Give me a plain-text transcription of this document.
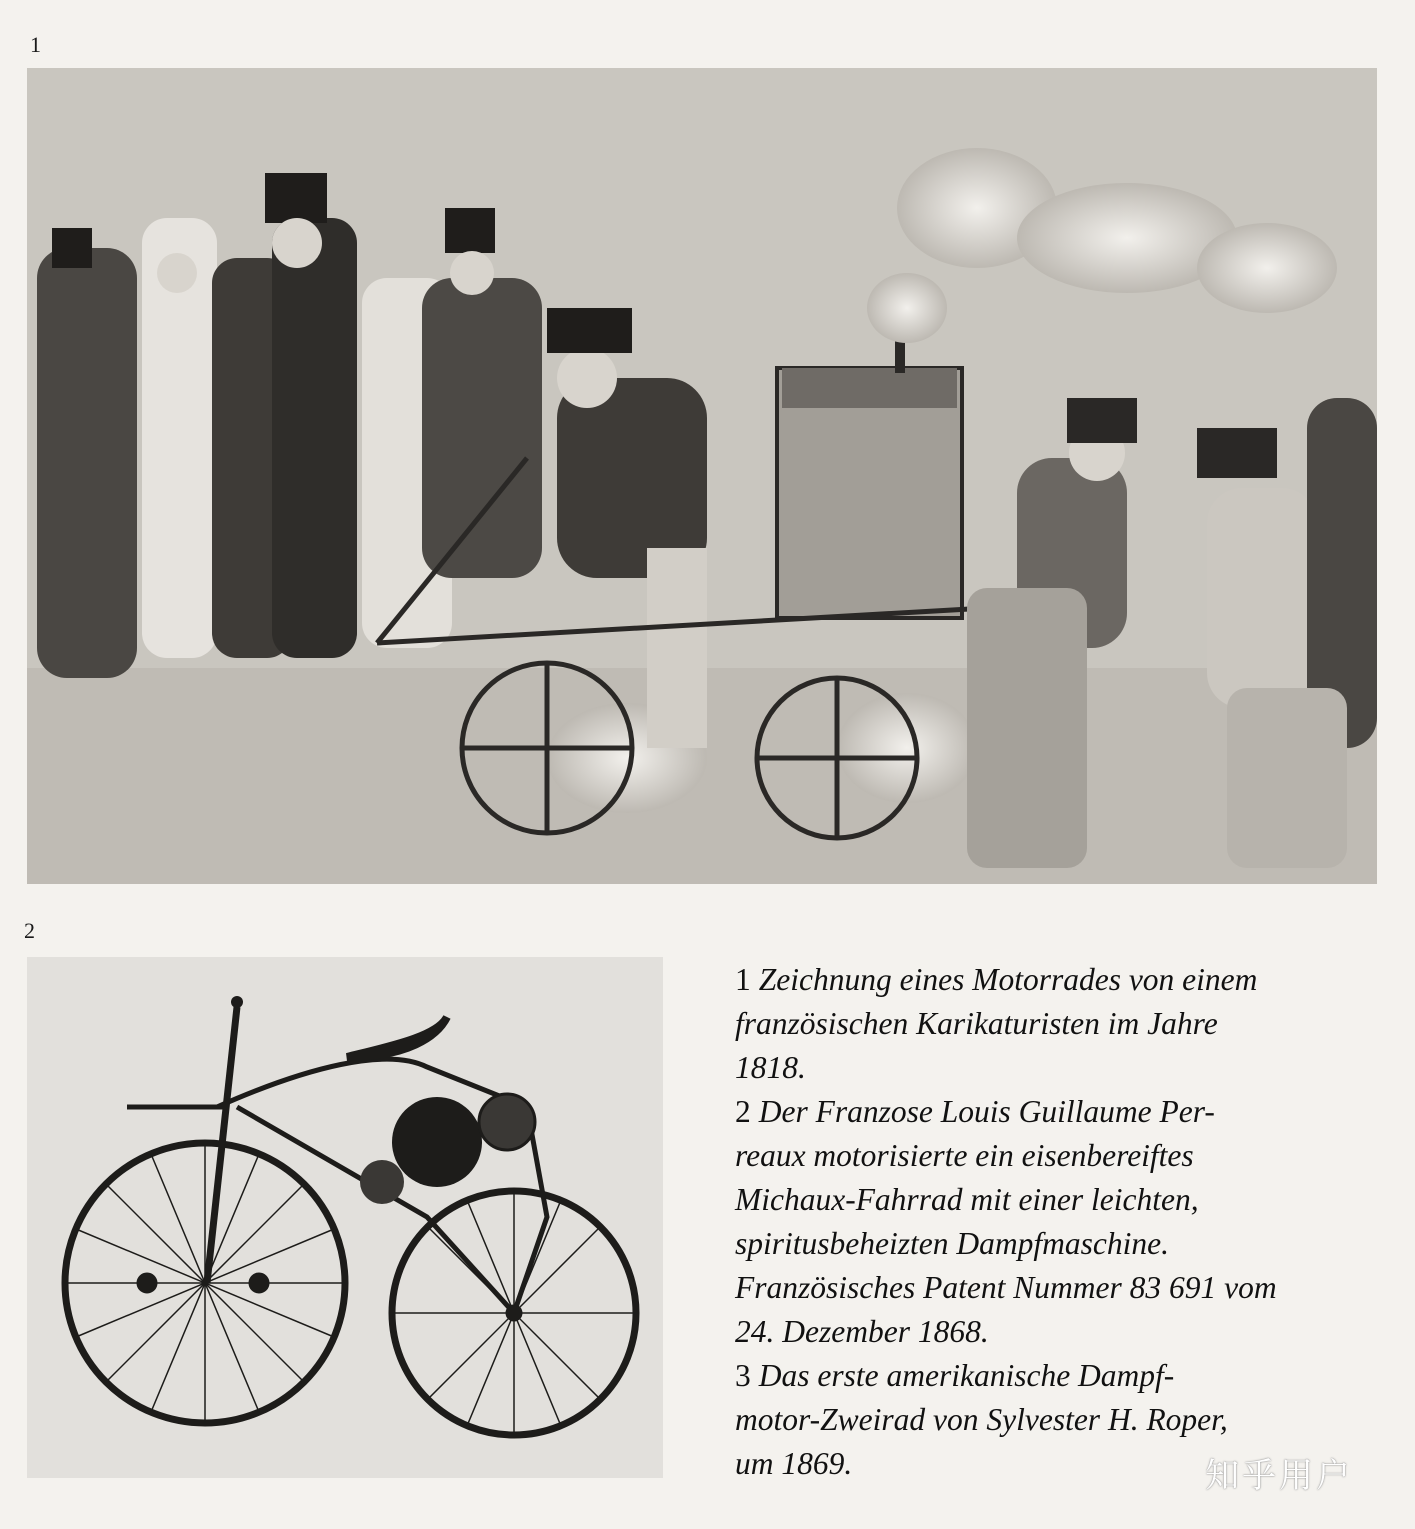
1
2
1 Zeichnung eines Motorrades von einem
französischen Karikaturisten im Jahre
1818.
2 Der Franzose Louis Guillaume Per-
reaux motorisierte ein eisenbereiftes
Michaux-Fahrrad mit einer leichten,
spiritusbeheizten Dampfmaschine.
Französisches Patent Nummer 83 691 vom
24. Dezember 1868.
3 Das erste amerikanische Dampf-
motor-Zweirad von Sylvester H. Roper,
um 1869.	知乎用户
